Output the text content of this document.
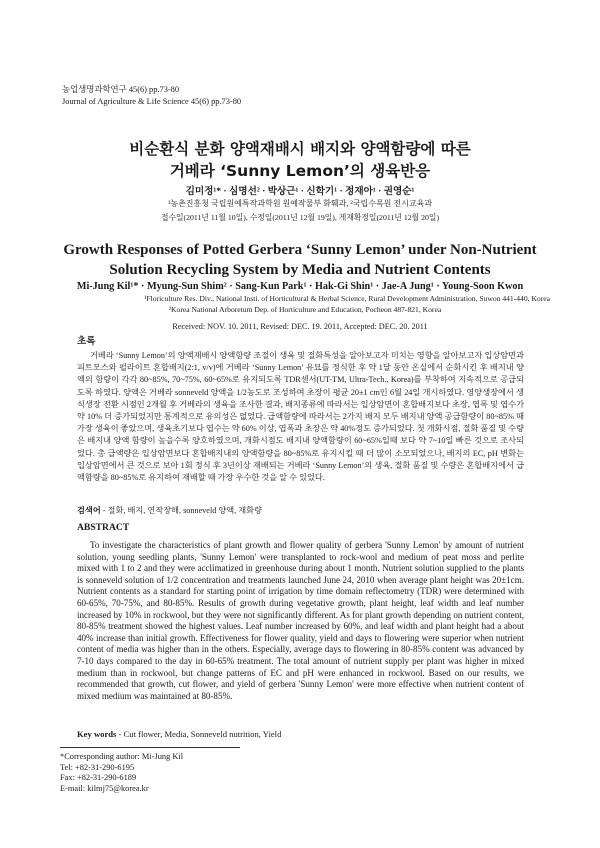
농업생명과학연구 45(6) pp.73-80
Journal of Agriculture & Life Science 45(6) pp.73-80
비순환식 분화 양액재배시 배지와 양액함량에 따른
거베라 ‘Sunny Lemon’의 생육반응
김미정¹* · 심명선² · 박상근¹ · 신학기¹ · 정재아¹ · 권영순¹
¹농촌진흥청 국립원예특작과학원 원예작물부 화훼과, ²국립수목원 전시교육과
접수일(2011년 11월 10일), 수정일(2011년 12월 19일), 게재확정일(2011년 12월 20일)
Growth Responses of Potted Gerbera ‘Sunny Lemon’ under Non-Nutrient
Solution Recycling System by Media and Nutrient Contents
Mi-Jung Kil¹* · Myung-Sun Shim² · Sang-Kun Park¹ · Hak-Gi Shin¹ · Jae-A Jung¹ · Young-Soon Kwon
¹Floriculture Res. Div., National Insti. of Horticultural & Herbal Science, Rural Development Administration, Suwon 441-440, Korea
²Korea National Arboretum Dep. of Horticulture and Education, Pocheon 487-821, Korea
Received: NOV. 10. 2011, Revised: DEC. 19. 2011, Accepted: DEC. 20. 2011
초록

거베라 ‘Sunny Lemon’의 양액재배시 양액함량 조절이 생육 및 절화특성을 알아보고자 미치는 영향을 알아보고자 입상암면과 피트모스와 펄라이트 혼합배지(2:1, v/v)에 거베라 ‘Sunny Lemon’ 유묘를 정식한 후 약 1달 동안 온실에서 순화시킨 후 배지내 양액의 함량이 각각 80~85%, 70~75%, 60~65%로 유지되도록 TDR센서(UT-TM, Ultra-Tech., Korea)를 부착하여 지속적으로 공급되도록 하였다. 양액은 거베라 sonneveld 양액을 1/2농도로 조성하여 초장이 평균 20±1 cm인 6월 24일 개시하였다. 영양생장에서 생식생장 전환 시점인 2개월 후 거베라의 생육을 조사한 결과, 배지종류에 따라서는 입상암면이 혼합배지보다 초장, 엽폭 및 엽수가 약 10% 더 증가되었지만 통계적으로 유의성은 없었다. 급액함량에 따라서는 2가지 배지 모두 배지내 양액 공급함량이 80~85% 때 가장 생육이 좋았으며, 생육초기보다 엽수는 약 60% 이상, 엽폭과 초장은 약 40%정도 증가되었다. 첫 개화시점, 절화 품질 및 수량은 배지내 양액 함량이 높을수록 양호하였으며, 개화시점도 배지내 양액함량이 60~65%일때 보다 약 7~10일 빠른 것으로 조사되었다. 총 급액량은 입상암면보다 혼합배지내의 양액함량을 80~85%로 유지시킬 때 더 많이 소모되었으나, 배지의 EC, pH 변화는 입상암면에서 큰 것으로 보아 1회 정식 후 3년이상 재배되는 거베라 ‘Sunny Lemon’의 생육, 절화 품질 및 수량은 혼합배지에서 급액함량을 80~85%로 유지하여 재배할 때 가장 우수한 것을 알 수 있었다.

검색어 - 절화, 배지, 연작장해, sonneveld 양액, 재화량
ABSTRACT

To investigate the characteristics of plant growth and flower quality of gerbera 'Sunny Lemon' by amount of nutrient solution, young seedling plants, 'Sunny Lemon' were transplanted to rock-wool and medium of peat moss and perlite mixed with 1 to 2 and they were acclimatized in greenhouse during about 1 month. Nutrient solution supplied to the plants is sonneveld solution of 1/2 concentration and treatments launched June 24, 2010 when average plant height was 20±1cm. Nutrient contents as a standard for starting point of irrigation by time domain reflectometry (TDR) were determined with 60-65%, 70-75%, and 80-85%. Results of growth during vegetative growth, plant height, leaf width and leaf number increased by 10% in rockwool, but they were not significantly different. As for plant growth depending on nutrient content, 80-85% treatment showed the highest values. Leaf number increased by 60%, and leaf width and plant height had a about 40% increase than initial growth. Effectiveness for flower quality, yield and days to flowering were superior when nutrient content of media was higher than in the others. Especially, average days to flowering in 80-85% content was advanced by 7-10 days compared to the day in 60-65% treatment. The total amount of nutrient supply per plant was higher in mixed medium than in rockwool, but change patterns of EC and pH were enhanced in rockwool. Based on our results, we recommended that growth, cut flower, and yield of gerbera 'Sunny Lemon' were more effective when nutrient content of mixed medium was maintained at 80-85%.

Key words - Cut flower, Media, Sonneveld nutrition, Yield
*Corresponding author: Mi-Jung Kil
Tel: +82-31-290-6195
Fax: +82-31-290-6189
E-mail: kilmj75@korea.kr
